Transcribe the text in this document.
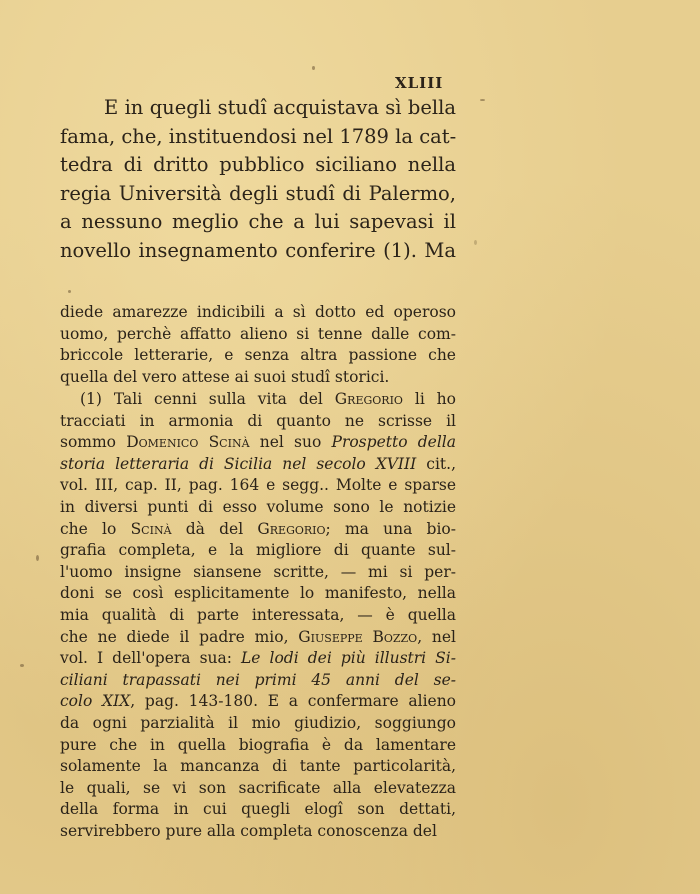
XLIII
E in quegli studî acquistava sì bella
fama, che, instituendosi nel 1789 la cat-
tedra di dritto pubblico siciliano nella
regia Università degli studî di Palermo,
a nessuno meglio che a lui sapevasi il
novello insegnamento conferire (1). Ma
diede amarezze indicibili a sì dotto ed operoso
uomo, perchè affatto alieno si tenne dalle com-
briccole letterarie, e senza altra passione che
quella del vero attese ai suoi studî storici.
(1) Tali cenni sulla vita del Gregorio li ho
tracciati in armonia di quanto ne scrisse il
sommo Domenico Scinà nel suo Prospetto della
storia letteraria di Sicilia nel secolo XVIII cit.,
vol. III, cap. II, pag. 164 e segg.. Molte e sparse
in diversi punti di esso volume sono le notizie
che lo Scinà dà del Gregorio; ma una bio-
grafia completa, e la migliore di quante sul-
l'uomo insigne siansene scritte, — mi si per-
doni se così esplicitamente lo manifesto, nella
mia qualità di parte interessata, — è quella
che ne diede il padre mio, Giuseppe Bozzo, nel
vol. I dell'opera sua: Le lodi dei più illustri Si-
ciliani trapassati nei primi 45 anni del se-
colo XIX, pag. 143-180. E a confermare alieno
da ogni parzialità il mio giudizio, soggiungo
pure che in quella biografia è da lamentare
solamente la mancanza di tante particolarità,
le quali, se vi son sacrificate alla elevatezza
della forma in cui quegli elogî son dettati,
servirebbero pure alla completa conoscenza del
